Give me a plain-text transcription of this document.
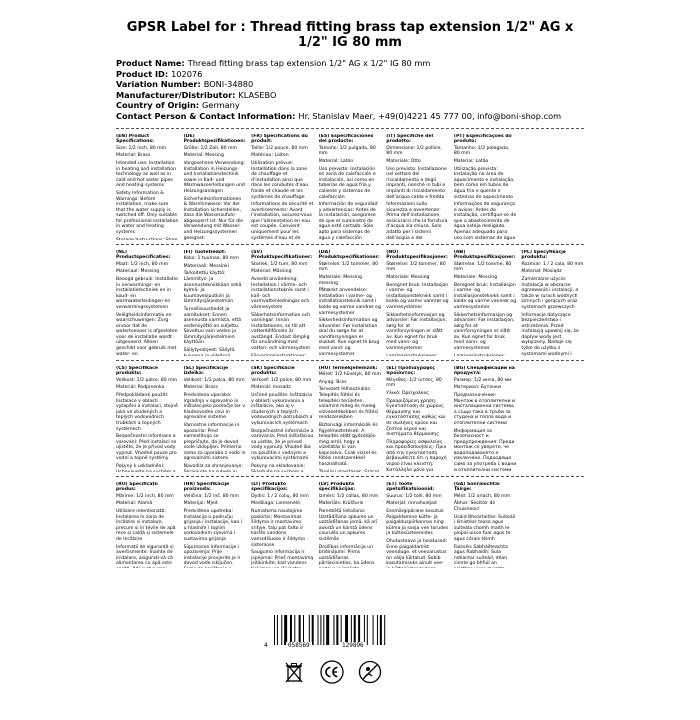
GPSR Label for : Thread fitting brass tap extension 1/2" AG x 1/2" IG 80 mm
Product Name: Thread fitting brass tap extension 1/2" AG x 1/2" IG 80 mm
Product ID: 102076
Variation Number: BONI-34880
Manufacturer/Distributor: KLASEBO
Country of Origin: Germany
Contact Person & Contact Information: Hr. Stanislav Maer, +49(0)4221 45 777 00, info@boni-shop.com
(EN) Product Specifications:

Size: 1/2 inch, 80 mm

Material: Brass

Intended use: Installation in heating and installation technology as well as in cold and hot water pipes and heating systems

Safety Information & Warnings: Before installation, make sure that the water supply is switched off. Only suitable for professional installation in water and heating systems

(DE) Produktspezifikationen:

Größe: 1/2 Zoll, 80 mm

Material: Messing

Vorgesehene Verwendung: Installation in Heizungs- und Installationstechnik sowie in Kalt- und Warmwasserleitungen und Heizungsanlagen

Sicherheitsinformationen & Warnhinweise: Vor der Installation sicherstellen, dass die Wasserzufuhr abgesperrt ist. Nur für die Verwendung mit Wasser- und Heizungssystemen geeignet.

(FR) Spécifications du produit:

Taille: 1/2 pouce, 80 mm

Matériau: Laiton

Utilisation prévue: Installation dans la zone de chauffage et d'installation ainsi que dans les conduites d'eau froide et chaude et les systèmes de chauffage

Informations de sécurité et avertissements: Avant l'installation, assurez-vous que l'alimentation en eau est coupée. Convient uniquement pour les systèmes d'eau et de

(ES) Especificaciones del producto:

Tamaño: 1/2 pulgada, 80 mm

Material: Latón

Uso previsto: Instalación en zona de calefacción e instalación, así como en tuberías de agua fría y caliente y sistemas de calefacción

Información de seguridad y advertencias: Antes de la instalación, asegúrese de que el suministro de agua esté cortado. Sólo apto para sistemas de agua y calefacción

(IT) Specifiche del prodotto:

Dimensione: 1/2 pollice, 80 mm

Materiale: Otto

Uso previsto: Installazione nel settore del riscaldamento e degli impianti, nonché in tubi e impianti di riscaldamento dell'acqua calda e fredda

Informazioni sulla sicurezza e avvertenze: Prima dell'installazione, assicurarsi che la fornitura d'acqua sia chiusa. Solo adatto per i sistemi dell'acqua e del

(PT) Especificações do produto:

Tamanho: 1/2 polegada, 80 mm

Material: Latão

Utilização prevista: Instalação na área de aquecimento e instalação, bem como em tubos de água fria e quente e sistemas de aquecimento

Informações de segurança e avisos: Antes da instalação, certifique-se de que o abastecimento de água esteja desligado. Apenas adequado para uso com sistemas de água

(NL) Productspecificaties:

Maat: 1/2 inch, 80 mm

Materiaal: Messing

Beoogd gebruik: Installatie in verwarmings- en installatietechniek en in koud- en warmwaterleidingen en verwarmingssystemen

Veiligheidsinformatie en waarschuwingen: Zorg ervoor dat de watertoevoer is afgesloten voor de installatie wordt uitgevoerd. Alleen geschikt voor gebruik met water- en

(FI) Tuotetiedot:

Koko: 1 tuumaa, 80 mm

Materiaali: Messinki

Tarkoitettu käyttö: Lämmitys- ja asennustekniikkaan sekä kylmä- ja kuumavesiputkiin ja lämmitysjärjestelmiin

Turvallisuustiedot ja varoitukset: Ennen asennusta varmista, että vedensyöttö on suljettu. Soveltuu vain veden ja lämmitysjärjestelmien käyttöön

Säilytysohjeet: Säilytä

(SV) Produktspecifikationer:

Storlek: 1/2 tum, 80 mm

Material: Mässing

Avsedd användning: Installation i värme- och installationsteknik samt i kall- och varmvattenledningar och värmesystem

Säkerhetsinformation och varningar: Innan installationen, se till att vattentillförseln är avstängd. Endast lämplig för användning med vatten- och värmesystem

(DA) Produktspecifikationer:

Størrelse: 1/2 tommer, 80 mm

Materiale: Messing messing

Påtænkt anvendelse: Installation i varme- og installationsteknik samt i kolde og varme vandrør og varmesystemer

Sikkerhedsinformation og advarsler: Før installation skal du sørge for at vandforsyningen er slukket. Kun egnet til brug med vand- og varmesystemer

(NO) Produktspesifikasjoner:

Størrelse: 1/2 tommer, 80 mm

Materiale: Messing

Beregnet bruk: Installasjon i varme- og installasjonsteknikk samt i kalde og varme vannrør og varmesystemer

Sikkerhetsinformasjon og advarsler: Før installasjon, sørg for at vannforsyningen er slått av. Kun egnet for bruk med vann- og varmesystemer

(NB) Produktspesifikasjoner:

Størrelse: 1/2 tomme, 80 mm

Materiale: Messing

Beregnet bruk: Installasjon i varme- og installasjonsteknikk samt i kalde og varme vannrør og varmesystemer

Sikkerhetsinformasjon og advarsler: Før installasjon, sørg for at vannforsyningen er slått av. Kun egnet for bruk med vann- og varmesystemer

(PL) Specyfikacje produktu:

Rozmiar: 1 / 2 cala, 80 mm

Materiał: Mosiądz

Zamierzone użycie: Instalacja w obszarze ogrzewania i instalacji, a także w rurach wodnych zimnych i gorących oraz systemach grzewczych

Informacje dotyczące bezpieczeństwa i ostrzeżenia: Przed instalacją upewnij się, że dopływ wody jest wyłączony. Nadaje się tylko do użytku z systemami wodnymi i

(CS) Specifikace produktu:

Velikost: 1/2 palce, 80 mm

Materiál: Podprsenka

Předpokládané použití: Instalace v oblasti vytápění a instalací, stejně jako ve studených a teplých vodovodních trubkách a topných systémech

Bezpečnostní informace a varování: Před instalací se ujistěte, že je přívod vody vypnut. Vhodné pouze pro vodní a topné systémy

Pokyny k uskladnění:

(SL) Specifikacije izdelka:

Velikost: 1/2 palca, 80 mm

Material: Brass

Predvidena uporaba: Vgradnja v ogrevalno in inštalacijsko področje ter v hladnovodne cevi in ogrevalne sisteme

Varnostne informacije in opozorila: Pred namestitvijo se prepričajte, da je dovod vode izklopljen. Primerno samo za uporabo z vodo in ogrevalnimi sistemi

Navodila za shranjevanje:

(SK) Špecifikácie produktu:

Veľkosť: 1/2 palce, 80 mm

Materiál: mosadz

Určené použitie: Inštalácia v oblasti vykurovania a inštalácie, ako aj v studených a teplých vodovodných potrubiach a vykurovacích systémoch

Bezpečnostné informácie a varovania: Pred inštaláciou sa uistite, že je prívod vody vypnutý. Vhodné iba na použitie s vodnými a vykurovacími systémami

Pokyny na skladovanie:

(HU) Termékjellemzők:

Méret: 1/2 hüvelyk, 80 mm

Anyag: Bras

Tervezett felhasználás: Telepítés fűtési és telepítési területen, valamint hideg és meleg vízvezetékekben és fűtési rendszerekben

Biztonsági információk és figyelmeztetések: A telepítés előtt győződjön meg arról, hogy a vízellátás ki van kapcsolva. Csak vízzel és fűtési rendszerekkel használható.

(EL) Προδιαγραφές προϊόντος:

Μέγεθος: 1/2 ίντσες, 80 mm

Υλικό: Ορείχαλκος

Προοριζόμενη χρήση: Εγκατάσταση σε χώρους θέρμανσης και εγκατάστασης καθώς και σε σωλήνες κρύου και ζεστού νερού και συστήματα θέρμανσης

Πληροφορίες ασφαλείας και προειδοποιήσεις: Πριν από την εγκατάσταση βεβαιωθείτε ότι η παροχή νερού είναι κλειστή. Κατάλληλο μόνο για

(BG) Спецификации на продукта:

Размер: 1/2 инча, 80 мм

Материал: Бутонки

Предназначение: Монтаж в отоплителни и инсталационни системи, а също така в тръби за студена и топла вода и отоплителни системи

Информация за безопасност и предупреждения: Преди монтаж се уверете, че водоподаването е изключено. Подходящо само за употреба с водни и отоплителни системи

(RO) Specificații produs:

Mărime: 1/2 inch, 80 mm

Material: Alamă

Utilizare intenționată: Instalarea în zona de încălzire și instalare, precum și în țevile de apă rece și caldă și sistemele de încălzire

Informații de siguranță și avertismente: Înainte de instalare, asigurați-vă că alimentarea cu apă este

(HR) Specifikacije proizvoda:

Veličina: 1/2 inč, 80 mm

Materijal: Mjed

Predviđena upotreba: Instalacija u području grijanja i instalacije, kao i u hladnim i toplim vodovodnim cijevima i sustavima grijanja

Sigurnosne informacije i upozorenja: Prije instalacije provjerite je li dovod vode isključen.

(LT) Produkto specifikacijos:

Dydis: 1 / 2 colių, 80 mm

Medžiaga: Liemenėlė

Numatoma naudojimo paskirtis: Montavimas šildymo ir montavimo srityje, taip pat šalto ir karšto vandens vamzdžiuose ir šildymo sistemose

Saugumo informacija ir įspėjimai: Prieš montavimą įsitikinkite, kad vandens

(LV) Produkta specifikācijas:

Izmērs: 1/2 collas, 80 mm

Materiāls: Krūšturis

Paredzētā lietošana: Uzstādīšana apkures un uzstādīšanas jomā, kā arī aukstā un karstā ūdens caurulēs un apkures sistēmās

Drošības informācija un brīdinājumi: Pirms uzstādīšanas pārliecinieties, ka ūdens

(ET) Toote spetsifikatsioonid:

Suurus: 1/2 tolli, 80 mm

Materjal: rinnahoidjad

Eesmärgipärane kasutus: Paigaldamine kütte- ja paigalduspiirkonnas ning külma ja sooja vee torudes ja küttesüsteemides

Ohutusteave ja hoiatused: Enne paigaldamist veenduge, et veevarustus on välja lülitatud. Sobib kasutamiseks ainult vee-

(GA) Sonraíochtaí Táirge:

Méid: 1/2 orlach, 80 mm

Ábhar: Seoltóir do Chuisneoirí

Úsáid Bheartaithe: Suiteáil i limistéar teasa agus suiteála chomh maith le píopaí uisce fuar agus te agus córais téimh

Faisnéis Sábháilteachta agus Rabhaidh: Sula ndéantar suiteáil, déan cinnte go bhfuil an

4	058569	129896
